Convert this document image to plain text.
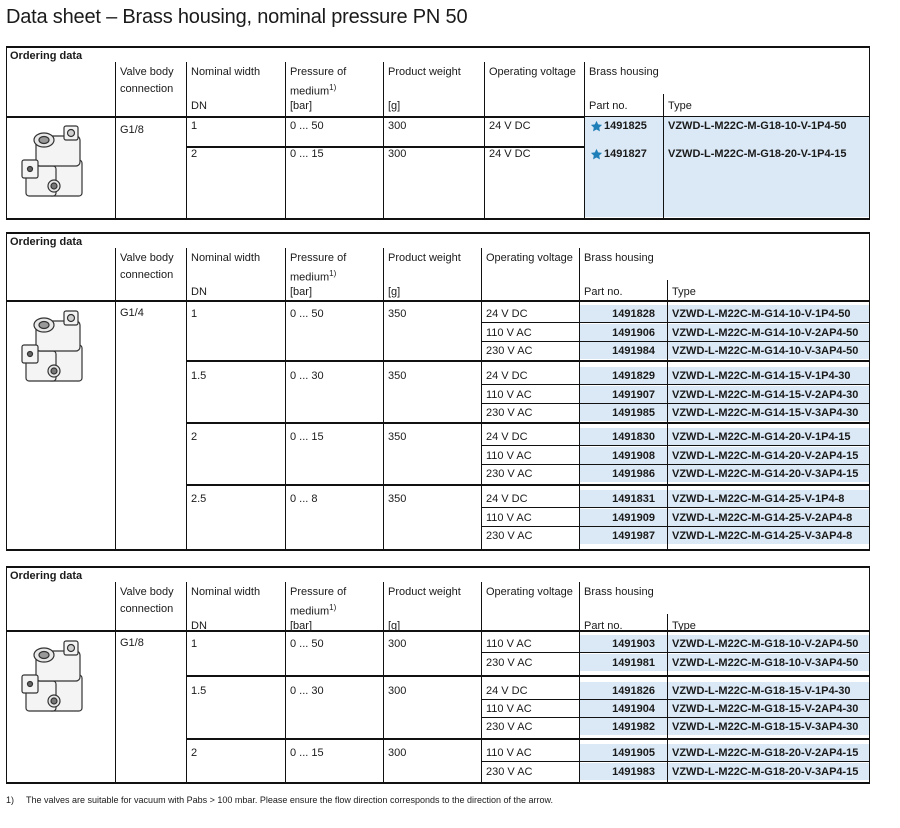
Data sheet – Brass housing, nominal pressure PN 50
Ordering data
Valve body
connection
Nominal width
DN
Pressure of
medium$^{1)}$
[bar]
Product weight
[g]
Operating voltage Brass housing
Part no.	Type
G1/8	1	0 ... 50	300	24 V DC	1491825 VZWD-L-M22C-M-G18-10-V-1P4-50
2	0 ... 15	300	24 V DC	1491827 VZWD-L-M22C-M-G18-20-V-1P4-15
Ordering data
Valve body
connection
Nominal width
DN
Pressure of
medium$^{1)}$
[bar]
Product weight
[g]
Operating voltage Brass housing
Part no.	Type
G1/4	1	0 ... 50	350	24 V DC	1491828 VZWD-L-M22C-M-G14-10-V-1P4-50
110 V AC	1491906 VZWD-L-M22C-M-G14-10-V-2AP4-50
230 V AC	1491984 VZWD-L-M22C-M-G14-10-V-3AP4-50
1.5	0 ... 30	350	24 V DC	1491829 VZWD-L-M22C-M-G14-15-V-1P4-30
110 V AC	1491907 VZWD-L-M22C-M-G14-15-V-2AP4-30
230 V AC	1491985 VZWD-L-M22C-M-G14-15-V-3AP4-30
2	0 ... 15	350	24 V DC	1491830 VZWD-L-M22C-M-G14-20-V-1P4-15
110 V AC	1491908 VZWD-L-M22C-M-G14-20-V-2AP4-15
230 V AC	1491986 VZWD-L-M22C-M-G14-20-V-3AP4-15
2.5	0 ... 8	350	24 V DC	1491831 VZWD-L-M22C-M-G14-25-V-1P4-8
110 V AC	1491909 VZWD-L-M22C-M-G14-25-V-2AP4-8
230 V AC	1491987 VZWD-L-M22C-M-G14-25-V-3AP4-8
Ordering data
Valve body
connection
Nominal width
DN
Pressure of
medium$^{1)}$
[bar]
Product weight
[g]
Operating voltage Brass housing
Part no.	Type
G1/8	1	0 ... 50	300	110 V AC	1491903 VZWD-L-M22C-M-G18-10-V-2AP4-50
230 V AC	1491981 VZWD-L-M22C-M-G18-10-V-3AP4-50
1.5	0 ... 30	300	24 V DC	1491826 VZWD-L-M22C-M-G18-15-V-1P4-30
110 V AC	1491904 VZWD-L-M22C-M-G18-15-V-2AP4-30
230 V AC	1491982 VZWD-L-M22C-M-G18-15-V-3AP4-30
2	0 ... 15	300	110 V AC	1491905 VZWD-L-M22C-M-G18-20-V-2AP4-15
230 V AC	1491983 VZWD-L-M22C-M-G18-20-V-3AP4-15
1) The valves are suitable for vacuum with Pabs > 100 mbar. Please ensure the flow direction corresponds to the direction of the arrow.
